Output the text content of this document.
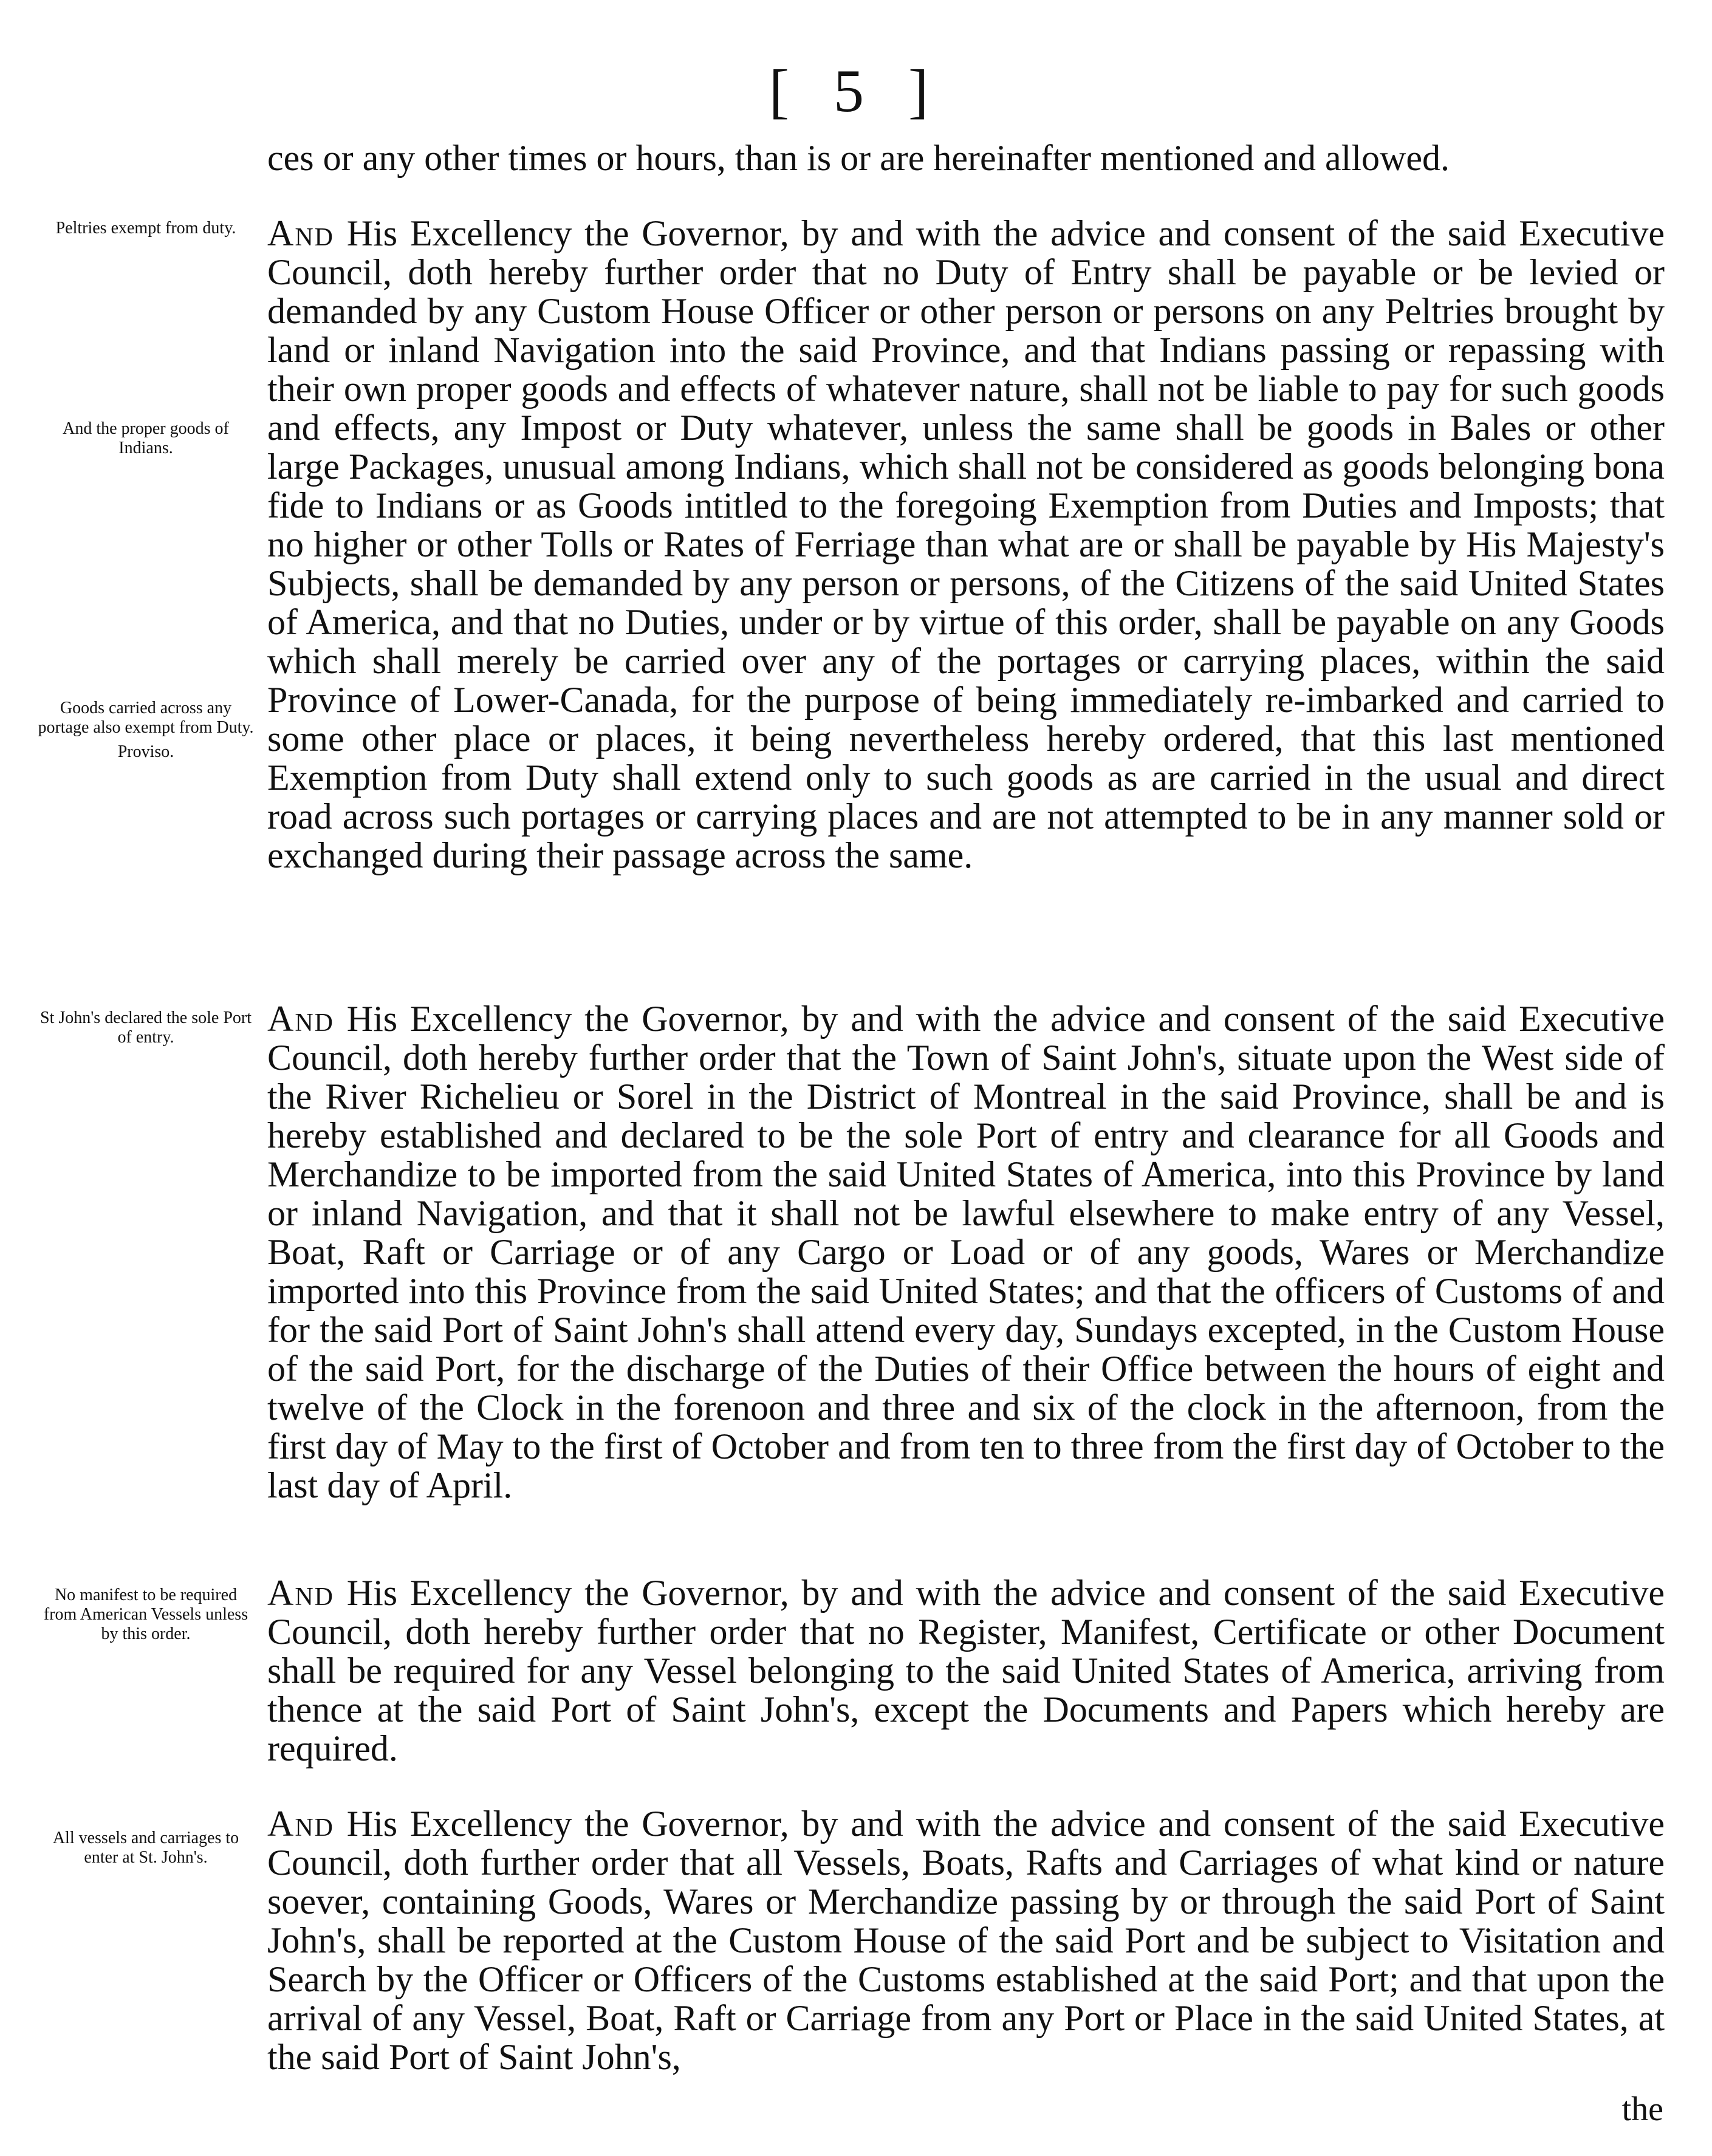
[ 5 ]

ces or any other times or hours, than is or are hereinafter mentioned and allowed.

Peltries exempt from duty.

And the proper goods of Indians.

Goods carried across any portage also exempt from Duty.

Proviso.

And His Excellency the Governor, by and with the advice and consent of the said Executive Council, doth hereby further order that no Duty of Entry shall be payable or be levied or demanded by any Custom House Officer or other person or persons on any Peltries brought by land or inland Navigation into the said Province, and that Indians passing or repassing with their own proper goods and effects of whatever nature, shall not be liable to pay for such goods and effects, any Impost or Duty whatever, unless the same shall be goods in Bales or other large Packages, unusual among Indians, which shall not be considered as goods belonging bona fide to Indians or as Goods intitled to the foregoing Exemption from Duties and Imposts; that no higher or other Tolls or Rates of Ferriage than what are or shall be payable by His Majesty's Subjects, shall be demanded by any person or persons, of the Citizens of the said United States of America, and that no Duties, under or by virtue of this order, shall be payable on any Goods which shall merely be carried over any of the portages or carrying places, within the said Province of Lower-Canada, for the purpose of being immediately re-imbarked and carried to some other place or places, it being nevertheless hereby ordered, that this last mentioned Exemption from Duty shall extend only to such goods as are carried in the usual and direct road across such portages or carrying places and are not attempted to be in any manner sold or exchanged during their passage across the same.

St John's declared the sole Port of entry.	And His Excellency the Governor, by and with the advice and consent of the said Executive Council, doth hereby further order that the Town of Saint John's, situate upon the West side of the River Richelieu or Sorel in the District of Montreal in the said Province, shall be and is hereby established and declared to be the sole Port of entry and clearance for all Goods and Merchandize to be imported from the said United States of America, into this Province by land or inland Navigation, and that it shall not be lawful elsewhere to make entry of any Vessel, Boat, Raft or Carriage or of any Cargo or Load or of any goods, Wares or Merchandize imported into this Province from the said United States; and that the officers of Customs of and for the said Port of Saint John's shall attend every day, Sundays excepted, in the Custom House of the said Port, for the discharge of the Duties of their Office between the hours of eight and twelve of the Clock in the forenoon and three and six of the clock in the afternoon, from the first day of May to the first of October and from ten to three from the first day of October to the last day of April.

No manifest to be required from American Vessels unless by this order.

And His Excellency the Governor, by and with the advice and consent of the said Executive Council, doth hereby further order that no Register, Manifest, Certificate or other Document shall be required for any Vessel belonging to the said United States of America, arriving from thence at the said Port of Saint John's, except the Documents and Papers which hereby are required.

All vessels and carriages to enter at St. John's.

And His Excellency the Governor, by and with the advice and consent of the said Executive Council, doth further order that all Vessels, Boats, Rafts and Carriages of what kind or nature soever, containing Goods, Wares or Merchandize passing by or through the said Port of Saint John's, shall be reported at the Custom House of the said Port and be subject to Visitation and Search by the Officer or Officers of the Customs established at the said Port; and that upon the arrival of any Vessel, Boat, Raft or Carriage from any Port or Place in the said United States, at the said Port of Saint John's,

the
